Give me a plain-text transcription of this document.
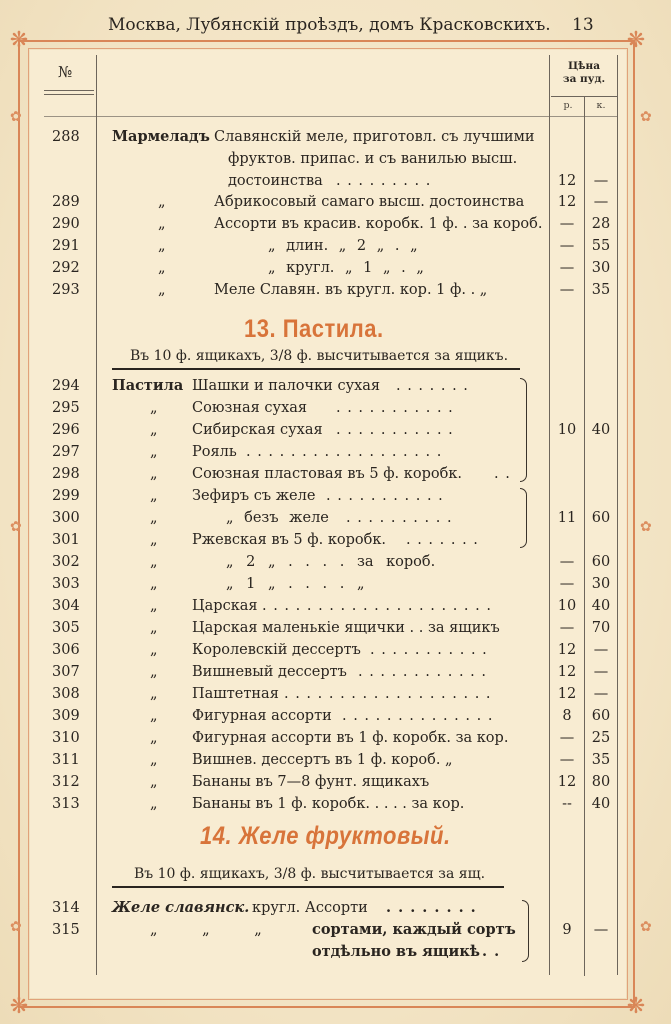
Москва, Лубянскій проѣздъ, домъ Красковскихъ. 13
❋	❋
❋	❋
✿
✿
✿
✿
✿
✿
№	Цѣна
за пуд.
р.	к.
288	Мармеладъ Славянскій меле, приготовл. съ лучшими
фруктов. припас. и съ ванилью высш.
достоинства . . . . . . . . .	12	—
289	„	Абрикосовый самаго высш. достоинства	12	—
290	„	Ассорти въ красив. коробк. 1 ф. . за короб.	—	28
291	„	„ длин. „ 2 „ . „	—	55
292	„	„ кругл. „ 1 „ . „	—	30
293	„	Меле Славян. въ кругл. кор. 1 ф. . „	—	35
13. Пастила.
Въ 10 ф. ящикахъ, 3/8 ф. высчитывается за ящикъ.
294	Пастила Шашки и палочки сухая . . . . . . .
295	„ Союзная сухая . . . . . . . . . . .
296	„ Сибирская сухая . . . . . . . . . . .
297	„ Рояль . . . . . . . . . . . . . . . . . .
298	„ Союзная пластовая въ 5 ф. коробк. . .
10	40
299	„ Зефиръ съ желе . . . . . . . . . . .
300	„	„ безъ желе . . . . . . . . . .
301	„ Ржевская въ 5 ф. коробк. . . . . . . .
11	60
302	„	„ 2 „ . . . . за короб.	—	60
303	„	„ 1 „ . . . . „	—	30
304	„ Царская . . . . . . . . . . . . . . . . . . . . .	10	40
305	„ Царская маленькіе ящички . . за ящикъ	—	70
306	„ Королевскій дессертъ . . . . . . . . . . .	12	—
307	„ Вишневый дессертъ . . . . . . . . . . . .	12	—
308	„ Паштетная . . . . . . . . . . . . . . . . . . .	12	—
309	„ Фигурная ассорти . . . . . . . . . . . . . .	8	60
310	„ Фигурная ассорти въ 1 ф. коробк. за кор.	—	25
311	„ Вишнев. дессертъ въ 1 ф. короб. „	—	35
312	„ Бананы въ 7—8 фунт. ящикахъ	12	80
313	„ Бананы въ 1 ф. коробк. . . . . за кор.	--	40
14. Желе фруктовый.
Въ 10 ф. ящикахъ, 3/8 ф. высчитывается за ящ.
314	Желе славянск. кругл. Ассорти . . . . . . . .
315	„ „ „	сортами, каждый сортъ
отдѣльно въ ящикѣ . .
9	—
